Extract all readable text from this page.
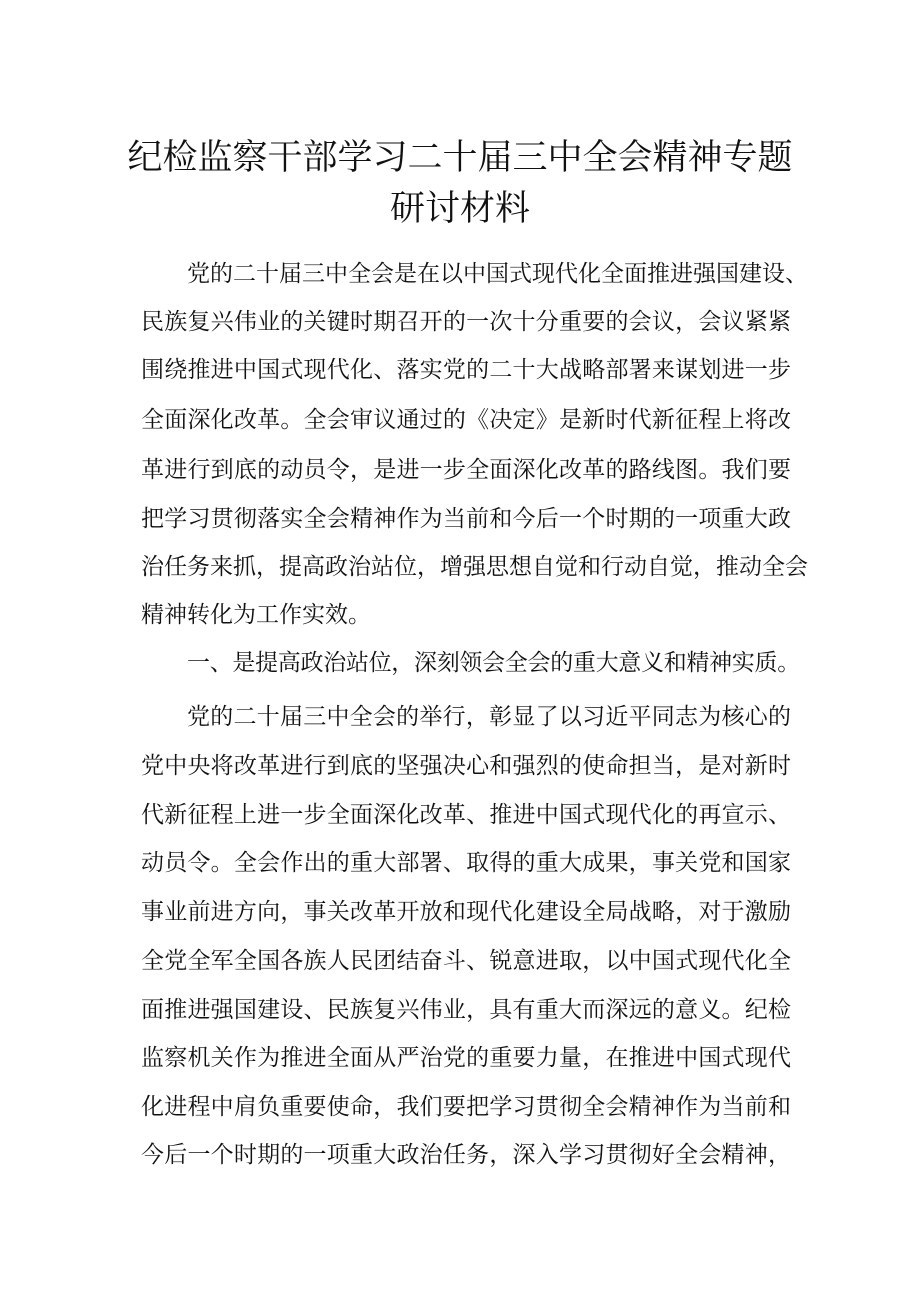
纪检监察干部学习二十届三中全会精神专题
研讨材料
党的二十届三中全会是在以中国式现代化全面推进强国建设、
民族复兴伟业的关键时期召开的一次十分重要的会议，会议紧紧
围绕推进中国式现代化、落实党的二十大战略部署来谋划进一步
全面深化改革。全会审议通过的《决定》是新时代新征程上将改
革进行到底的动员令，是进一步全面深化改革的路线图。我们要
把学习贯彻落实全会精神作为当前和今后一个时期的一项重大政
治任务来抓，提高政治站位，增强思想自觉和行动自觉，推动全会
精神转化为工作实效。
一、是提高政治站位，深刻领会全会的重大意义和精神实质。
党的二十届三中全会的举行，彰显了以习近平同志为核心的
党中央将改革进行到底的坚强决心和强烈的使命担当，是对新时
代新征程上进一步全面深化改革、推进中国式现代化的再宣示、
动员令。全会作出的重大部署、取得的重大成果，事关党和国家
事业前进方向，事关改革开放和现代化建设全局战略，对于激励
全党全军全国各族人民团结奋斗、锐意进取，以中国式现代化全
面推进强国建设、民族复兴伟业，具有重大而深远的意义。纪检
监察机关作为推进全面从严治党的重要力量，在推进中国式现代
化进程中肩负重要使命，我们要把学习贯彻全会精神作为当前和
今后一个时期的一项重大政治任务，深入学习贯彻好全会精神，
